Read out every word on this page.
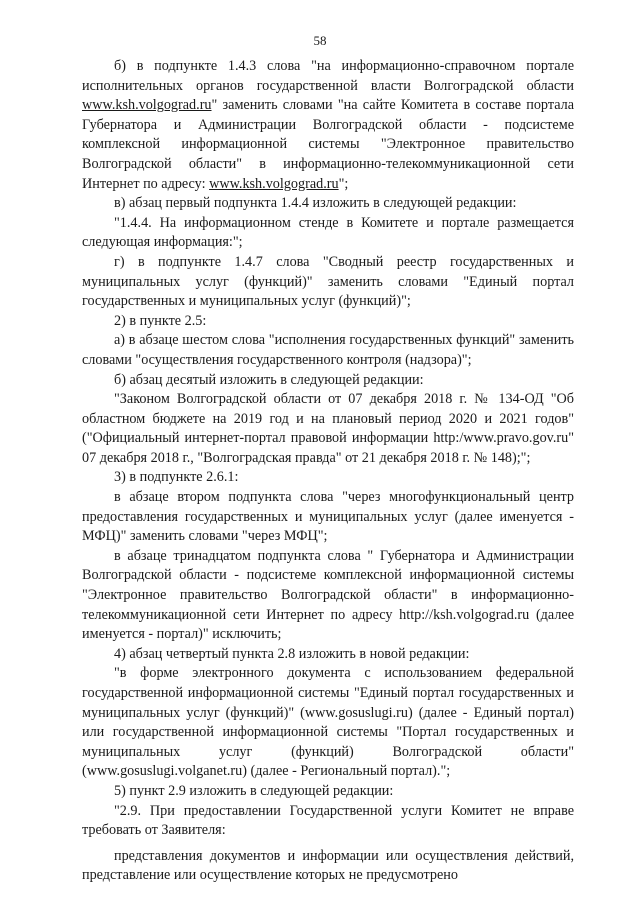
58

б) в подпункте 1.4.3 слова "на информационно-справочном портале исполнительных органов государственной власти Волгоградской области www.ksh.volgograd.ru" заменить словами "на сайте Комитета в составе портала Губернатора и Администрации Волгоградской области - подсистеме комплексной информационной системы "Электронное правительство Волгоградской области" в информационно-телекоммуникационной сети Интернет по адресу: www.ksh.volgograd.ru";

в) абзац первый подпункта 1.4.4 изложить в следующей редакции:

"1.4.4. На информационном стенде в Комитете и портале размещается следующая информация:";

г) в подпункте 1.4.7 слова "Сводный реестр государственных и муниципальных услуг (функций)" заменить словами "Единый портал государственных и муниципальных услуг (функций)";

2) в пункте 2.5:

а) в абзаце шестом слова "исполнения государственных функций" заменить словами "осуществления государственного контроля (надзора)";

б) абзац десятый изложить в следующей редакции:

"Законом Волгоградской области от 07 декабря 2018 г. № 134-ОД "Об областном бюджете на 2019 год и на плановый период 2020 и 2021 годов" ("Официальный интернет-портал правовой информации http:/www.pravo.gov.ru" 07 декабря 2018 г., "Волгоградская правда" от 21 декабря 2018 г. № 148);";

3) в подпункте 2.6.1:

в абзаце втором подпункта слова "через многофункциональный центр предоставления государственных и муниципальных услуг (далее именуется - МФЦ)" заменить словами "через МФЦ";

в абзаце тринадцатом подпункта слова " Губернатора и Администрации Волгоградской области - подсистеме комплексной информационной системы "Электронное правительство Волгоградской области" в информационно-телекоммуникационной сети Интернет по адресу http://ksh.volgograd.ru (далее именуется - портал)" исключить;

4) абзац четвертый пункта 2.8 изложить в новой редакции:

"в форме электронного документа с использованием федеральной государственной информационной системы "Единый портал государственных и муниципальных услуг (функций)" (www.gosuslugi.ru) (далее - Единый портал) или государственной информационной системы "Портал государственных и муниципальных услуг (функций) Волгоградской области" (www.gosuslugi.volganet.ru) (далее - Региональный портал).";

5) пункт 2.9 изложить в следующей редакции:

"2.9. При предоставлении Государственной услуги Комитет не вправе требовать от Заявителя:

представления документов и информации или осуществления действий, представление или осуществление которых не предусмотрено
